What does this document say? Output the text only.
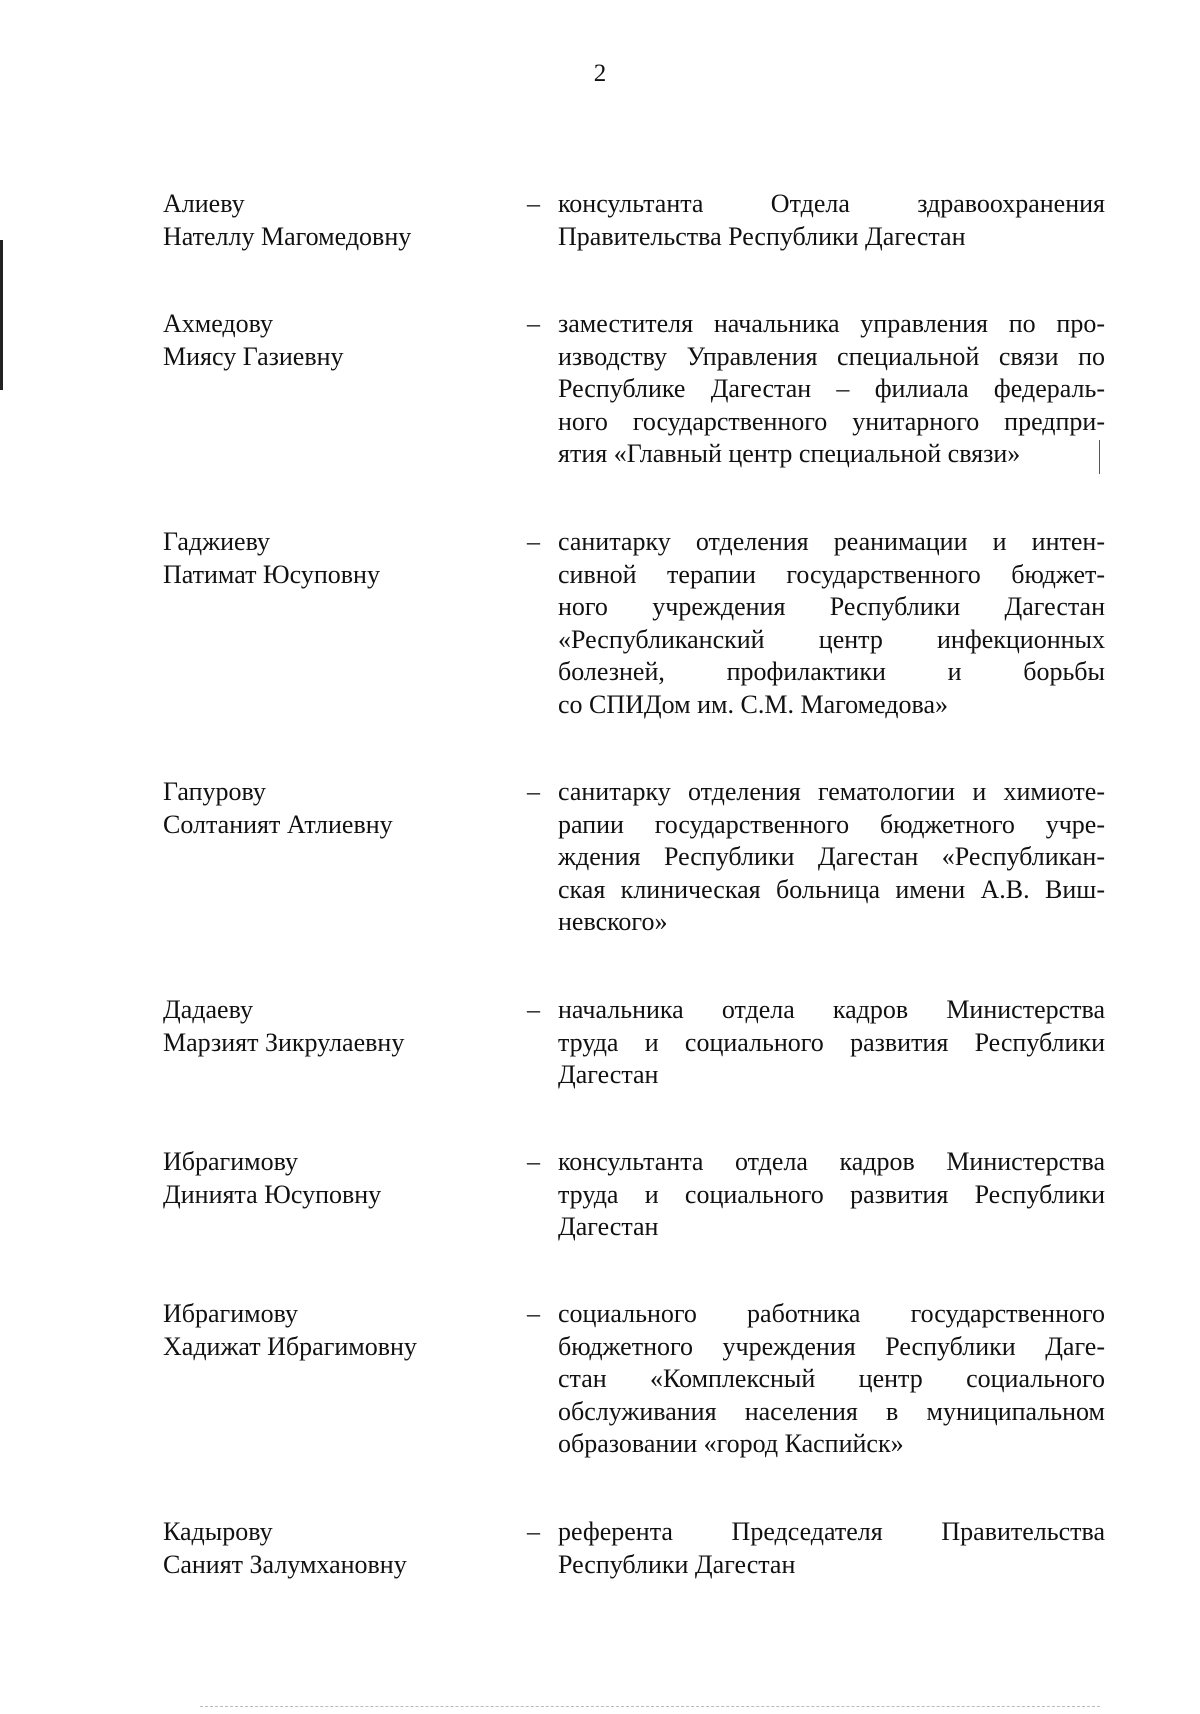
2
Алиеву
Нателлу Магомедовну
– консультанта Отдела здравоохранения
Правительства Республики Дагестан
Ахмедову
Миясу Газиевну
– заместителя начальника управления по про-
изводству Управления специальной связи по
Республике Дагестан – филиала федераль-
ного государственного унитарного предпри-
ятия «Главный центр специальной связи»
Гаджиеву
Патимат Юсуповну
– санитарку отделения реанимации и интен-
сивной терапии государственного бюджет-
ного учреждения Республики Дагестан
«Республиканский центр инфекционных
болезней, профилактики и борьбы
со СПИДом им. С.М. Магомедова»
Гапурову
Солтаният Атлиевну
– санитарку отделения гематологии и химиоте-
рапии государственного бюджетного учре-
ждения Республики Дагестан «Республикан-
ская клиническая больница имени А.В. Виш-
невского»
Дадаеву
Марзият Зикрулаевну
– начальника отдела кадров Министерства
труда и социального развития Республики
Дагестан
Ибрагимову
Динията Юсуповну
– консультанта отдела кадров Министерства
труда и социального развития Республики
Дагестан
Ибрагимову
Хадижат Ибрагимовну
– социального работника государственного
бюджетного учреждения Республики Даге-
стан «Комплексный центр социального
обслуживания населения в муниципальном
образовании «город Каспийск»
Кадырову
Саният Залумхановну
– референта Председателя Правительства
Республики Дагестан
